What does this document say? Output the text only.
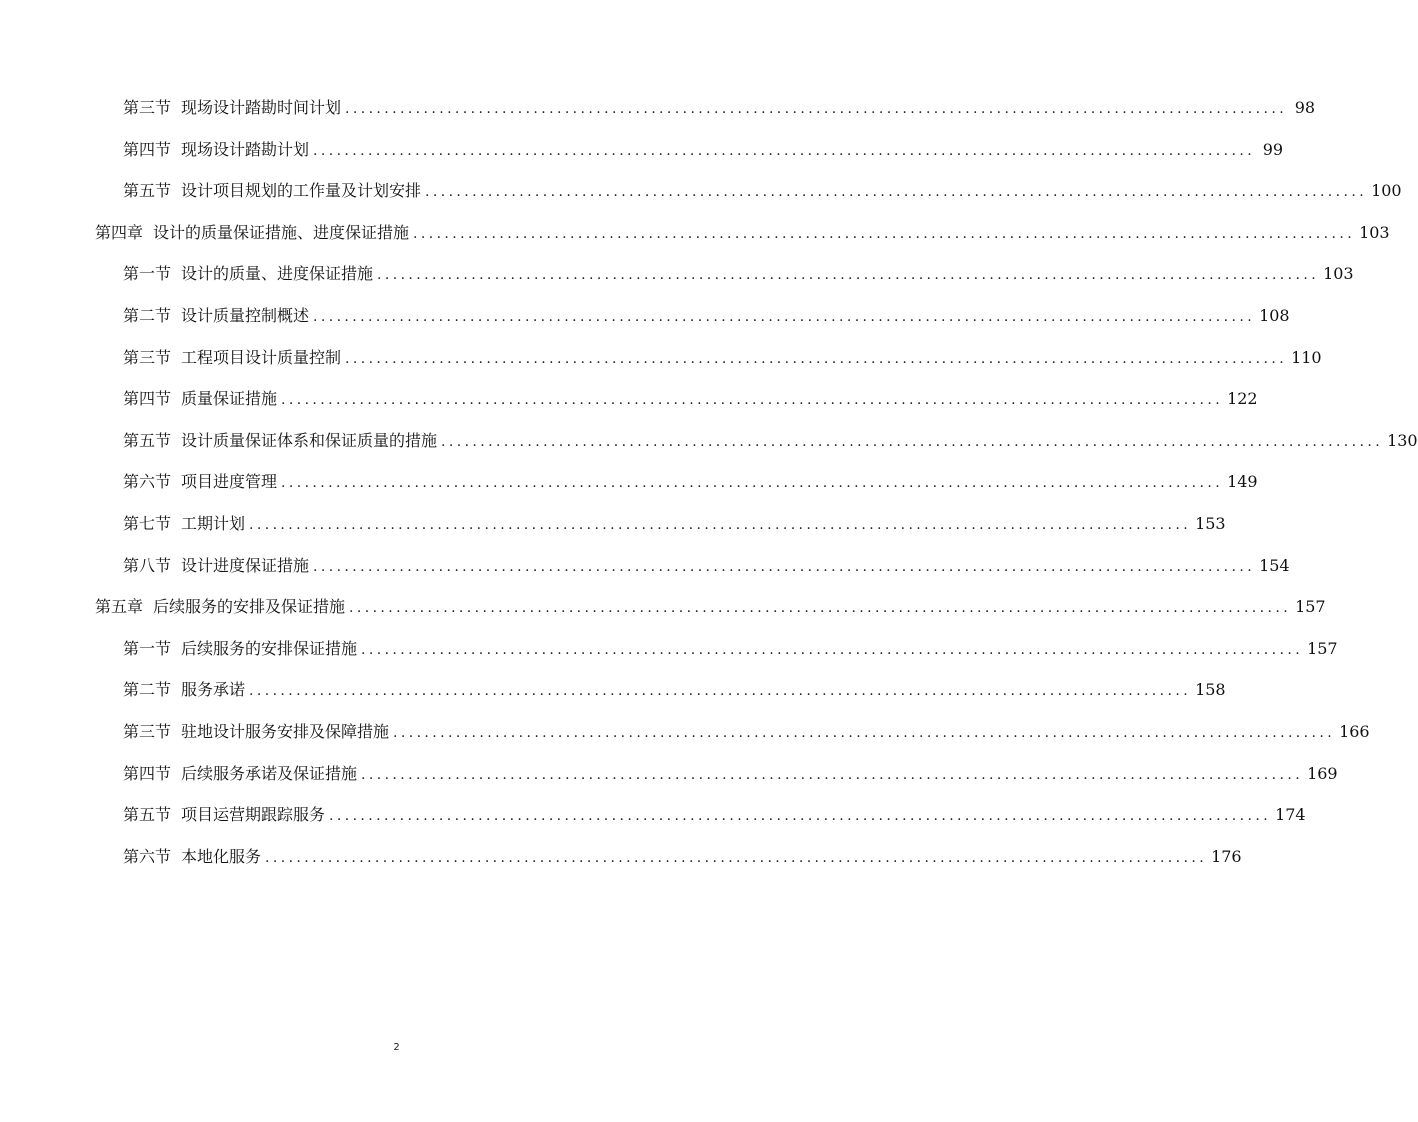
第三节 现场设计踏勘时间计划 ........................................................................................................................ 98
第四节 现场设计踏勘计划 ........................................................................................................................ 99
第五节 设计项目规划的工作量及计划安排 ........................................................................................................................ 100
第四章 设计的质量保证措施、进度保证措施 ........................................................................................................................ 103
第一节 设计的质量、进度保证措施 ........................................................................................................................ 103
第二节 设计质量控制概述 ........................................................................................................................ 108
第三节 工程项目设计质量控制 ........................................................................................................................ 110
第四节 质量保证措施 ........................................................................................................................ 122
第五节 设计质量保证体系和保证质量的措施 ........................................................................................................................ 130
第六节 项目进度管理 ........................................................................................................................ 149
第七节 工期计划 ........................................................................................................................ 153
第八节 设计进度保证措施 ........................................................................................................................ 154
第五章 后续服务的安排及保证措施 ........................................................................................................................ 157
第一节 后续服务的安排保证措施 ........................................................................................................................ 157
第二节 服务承诺 ........................................................................................................................ 158
第三节 驻地设计服务安排及保障措施 ........................................................................................................................ 166
第四节 后续服务承诺及保证措施 ........................................................................................................................ 169
第五节 项目运营期跟踪服务 ........................................................................................................................ 174
第六节 本地化服务 ........................................................................................................................ 176
2
